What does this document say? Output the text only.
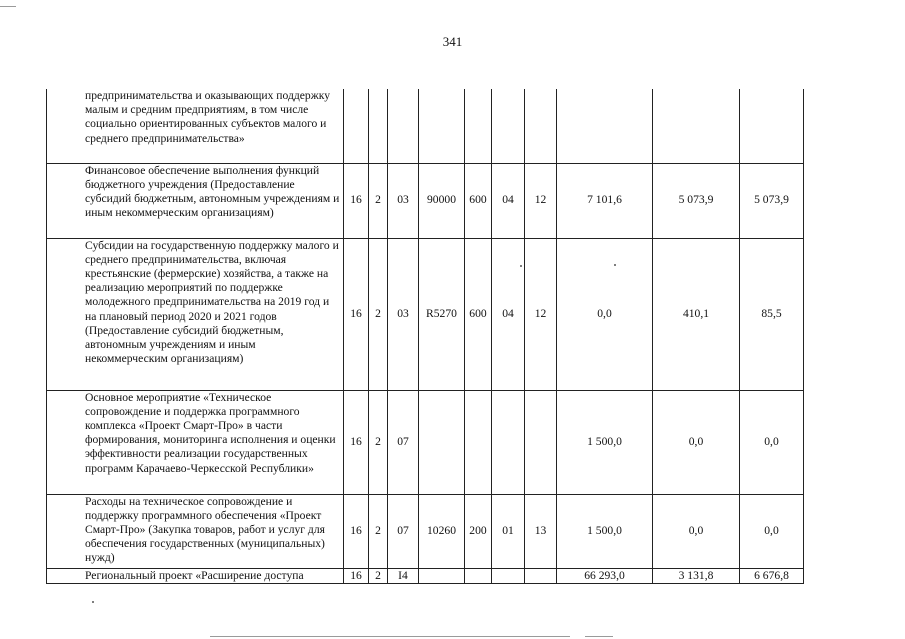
341
предпринимательства и оказывающих поддержку малым и средним предприятиям, в том числе социально ориентированных субъектов малого и среднего предпринимательства»										
Финансовое обеспечение выполнения функций бюджетного учреждения (Предоставление субсидий бюджетным, автономным учреждениям и иным некоммерческим организациям)	16	2	03	90000	600	04	12	7 101,6	5 073,9	5 073,9
Субсидии на государственную поддержку малого и среднего предпринимательства, включая крестьянские (фермерские) хозяйства, а также на реализацию мероприятий по поддержке молодежного предпринимательства на 2019 год и на плановый период 2020 и 2021 годов (Предоставление субсидий бюджетным, автономным учреждениям и иным некоммерческим организациям)	16	2	03	R5270	600	04	12	0,0	410,1	85,5
Основное мероприятие «Техническое сопровождение и поддержка программного комплекса «Проект Смарт-Про» в части формирования, мониторинга исполнения и оценки эффективности реализации государственных программ Карачаево-Черкесской Республики»	16	2	07					1 500,0	0,0	0,0
Расходы на техническое сопровождение и поддержку программного обеспечения «Проект Смарт-Про» (Закупка товаров, работ и услуг для обеспечения государственных (муниципальных) нужд)	16	2	07	10260	200	01	13	1 500,0	0,0	0,0
Региональный проект «Расширение доступа	16	2	I4					66 293,0	3 131,8	6 676,8
